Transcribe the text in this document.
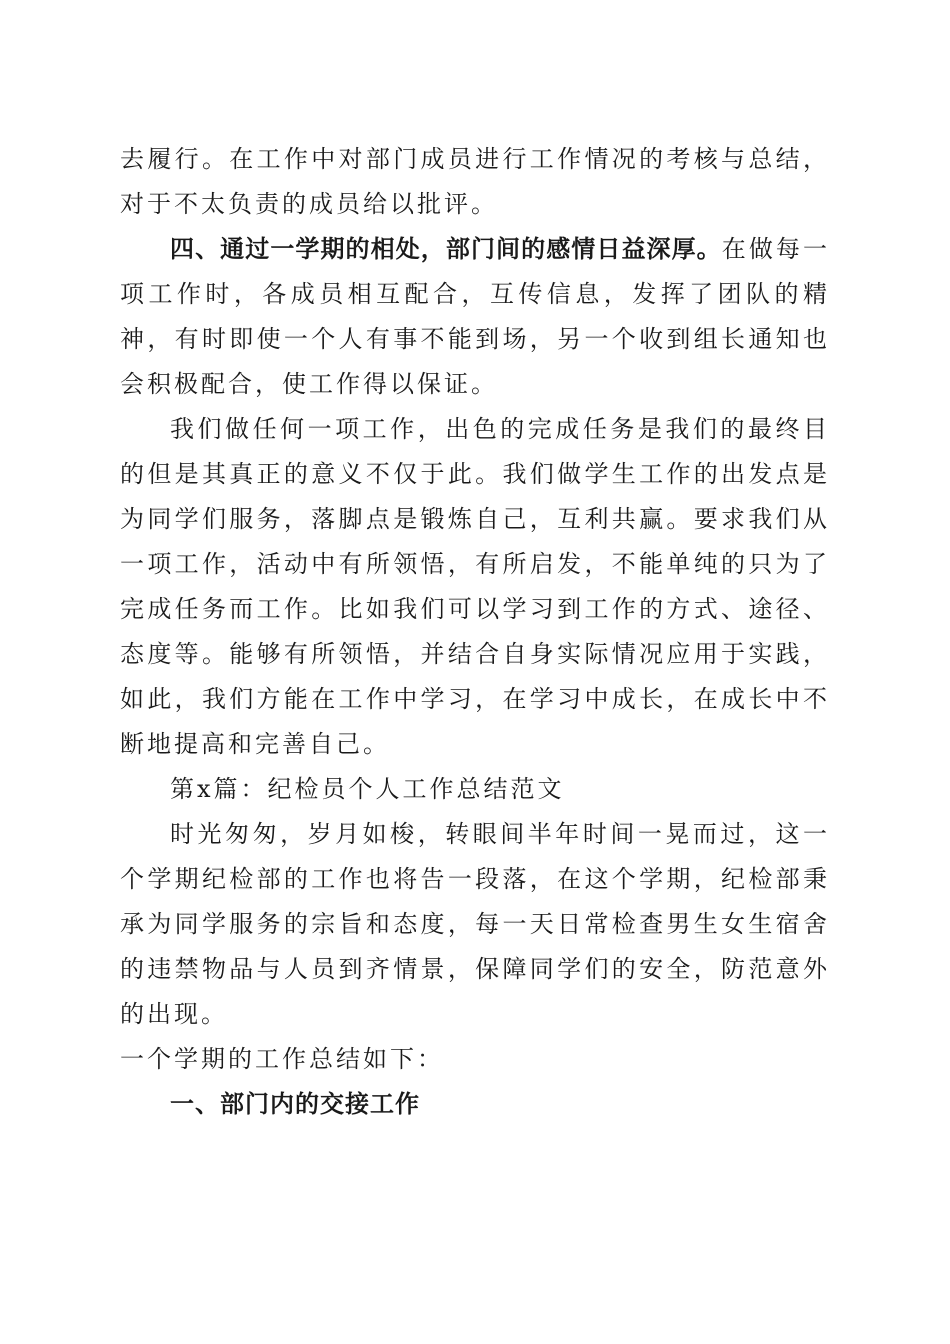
去履行。在工作中对部门成员进行工作情况的考核与总结，对于不太负责的成员给以批评。

四、通过一学期的相处，部门间的感情日益深厚。在做每一项工作时，各成员相互配合，互传信息，发挥了团队的精神，有时即使一个人有事不能到场，另一个收到组长通知也会积极配合，使工作得以保证。

我们做任何一项工作，出色的完成任务是我们的最终目的但是其真正的意义不仅于此。我们做学生工作的出发点是为同学们服务，落脚点是锻炼自己，互利共赢。要求我们从一项工作，活动中有所领悟，有所启发，不能单纯的只为了完成任务而工作。比如我们可以学习到工作的方式、途径、态度等。能够有所领悟，并结合自身实际情况应用于实践，如此，我们方能在工作中学习，在学习中成长，在成长中不断地提高和完善自己。

第x篇：纪检员个人工作总结范文

时光匆匆，岁月如梭，转眼间半年时间一晃而过，这一个学期纪检部的工作也将告一段落，在这个学期，纪检部秉承为同学服务的宗旨和态度，每一天日常检查男生女生宿舍的违禁物品与人员到齐情景，保障同学们的安全，防范意外的出现。

一个学期的工作总结如下：

一、部门内的交接工作
